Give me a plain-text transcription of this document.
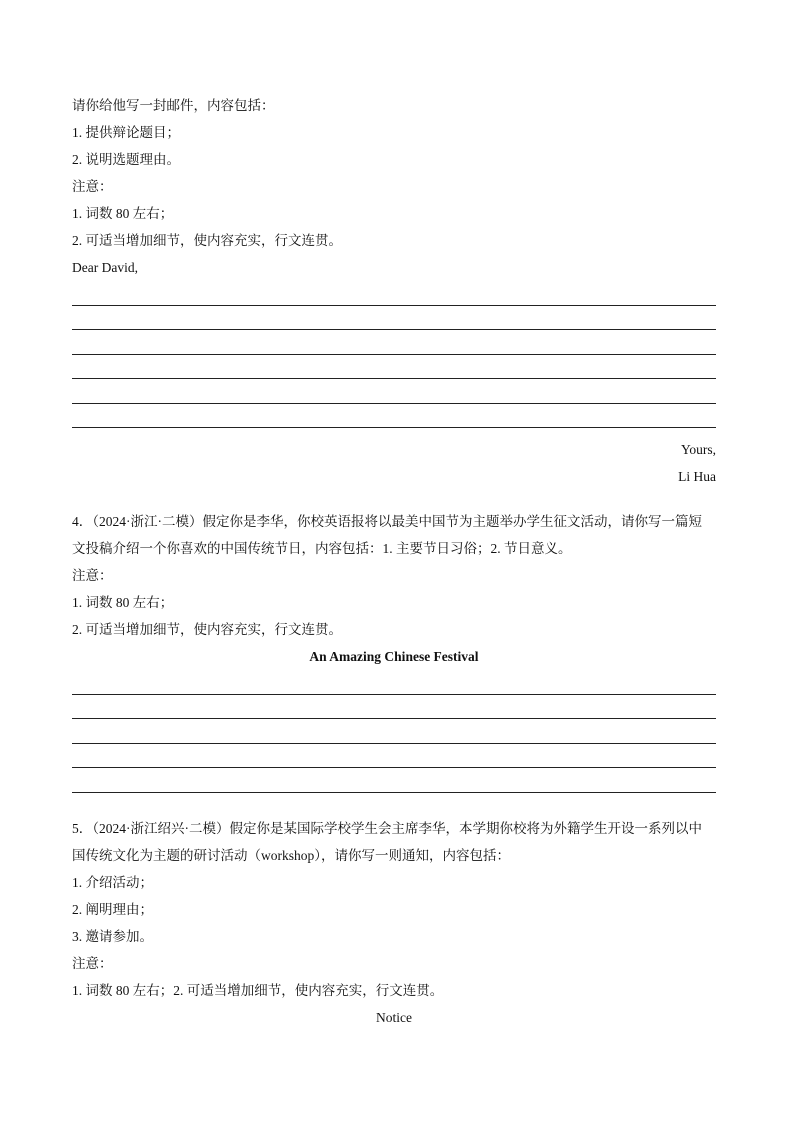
请你给他写一封邮件，内容包括：
1. 提供辩论题目；
2. 说明选题理由。
注意：
1. 词数 80 左右；
2. 可适当增加细节，使内容充实，行文连贯。
Dear David,
Yours,
Li Hua
4．（2024·浙江·二模）假定你是李华，你校英语报将以最美中国节为主题举办学生征文活动，请你写一篇短
文投稿介绍一个你喜欢的中国传统节日，内容包括：1. 主要节日习俗；2. 节日意义。
注意：
1. 词数 80 左右；
2. 可适当增加细节，使内容充实，行文连贯。
An Amazing Chinese Festival
5．（2024·浙江绍兴·二模）假定你是某国际学校学生会主席李华，本学期你校将为外籍学生开设一系列以中
国传统文化为主题的研讨活动（workshop），请你写一则通知，内容包括：
1. 介绍活动；
2. 阐明理由；
3. 邀请参加。
注意：
1. 词数 80 左右；2. 可适当增加细节，使内容充实，行文连贯。
Notice
